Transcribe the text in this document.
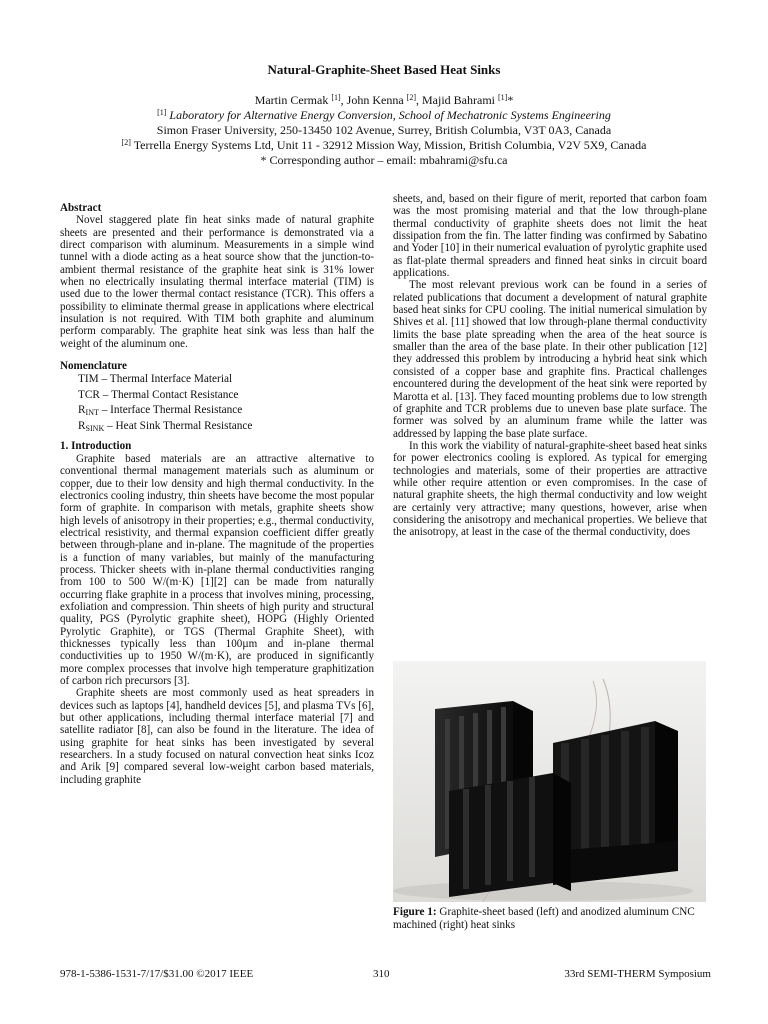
Natural-Graphite-Sheet Based Heat Sinks
Martin Cermak [1], John Kenna [2], Majid Bahrami [1]*
[1] Laboratory for Alternative Energy Conversion, School of Mechatronic Systems Engineering
Simon Fraser University, 250-13450 102 Avenue, Surrey, British Columbia, V3T 0A3, Canada
[2] Terrella Energy Systems Ltd, Unit 11 - 32912 Mission Way, Mission, British Columbia, V2V 5X9, Canada
* Corresponding author – email: mbahrami@sfu.ca

Abstract

Novel staggered plate fin heat sinks made of natural graphite sheets are presented and their performance is demonstrated via a direct comparison with aluminum. Measurements in a simple wind tunnel with a diode acting as a heat source show that the junction-to-ambient thermal resistance of the graphite heat sink is 31% lower when no electrically insulating thermal interface material (TIM) is used due to the lower thermal contact resistance (TCR). This offers a possibility to eliminate thermal grease in applications where electrical insulation is not required. With TIM both graphite and aluminum perform comparably. The graphite heat sink was less than half the weight of the aluminum one.

Nomenclature

TIM – Thermal Interface Material
TCR – Thermal Contact Resistance
$R_{INT}$ – Interface Thermal Resistance
$R_{SINK}$ – Heat Sink Thermal Resistance

1. Introduction

Graphite based materials are an attractive alternative to conventional thermal management materials such as aluminum or copper, due to their low density and high thermal conductivity. In the electronics cooling industry, thin sheets have become the most popular form of graphite. In comparison with metals, graphite sheets show high levels of anisotropy in their properties; e.g., thermal conductivity, electrical resistivity, and thermal expansion coefficient differ greatly between through-plane and in-plane. The magnitude of the properties is a function of many variables, but mainly of the manufacturing process. Thicker sheets with in-plane thermal conductivities ranging from 100 to 500 W/(m·K) [1][2] can be made from naturally occurring flake graphite in a process that involves mining, processing, exfoliation and compression. Thin sheets of high purity and structural quality, PGS (Pyrolytic graphite sheet), HOPG (Highly Oriented Pyrolytic Graphite), or TGS (Thermal Graphite Sheet), with thicknesses typically less than 100µm and in-plane thermal conductivities up to 1950 W/(m·K), are produced in significantly more complex processes that involve high temperature graphitization of carbon rich precursors [3].

Graphite sheets are most commonly used as heat spreaders in devices such as laptops [4], handheld devices [5], and plasma TVs [6], but other applications, including thermal interface material [7] and satellite radiator [8], can also be found in the literature. The idea of using graphite for heat sinks has been investigated by several researchers. In a study focused on natural convection heat sinks Icoz and Arik [9] compared several low-weight carbon based materials, including graphite

sheets, and, based on their figure of merit, reported that carbon foam was the most promising material and that the low through-plane thermal conductivity of graphite sheets does not limit the heat dissipation from the fin. The latter finding was confirmed by Sabatino and Yoder [10] in their numerical evaluation of pyrolytic graphite used as flat-plate thermal spreaders and finned heat sinks in circuit board applications.

The most relevant previous work can be found in a series of related publications that document a development of natural graphite based heat sinks for CPU cooling. The initial numerical simulation by Shives et al. [11] showed that low through-plane thermal conductivity limits the base plate spreading when the area of the heat source is smaller than the area of the base plate. In their other publication [12] they addressed this problem by introducing a hybrid heat sink which consisted of a copper base and graphite fins. Practical challenges encountered during the development of the heat sink were reported by Marotta et al. [13]. They faced mounting problems due to low strength of graphite and TCR problems due to uneven base plate surface. The former was solved by an aluminum frame while the latter was addressed by lapping the base plate surface.

In this work the viability of natural-graphite-sheet based heat sinks for power electronics cooling is explored. As typical for emerging technologies and materials, some of their properties are attractive while other require attention or even compromises. In the case of natural graphite sheets, the high thermal conductivity and low weight are certainly very attractive; many questions, however, arise when considering the anisotropy and mechanical properties. We believe that the anisotropy, at least in the case of the thermal conductivity, does

Figure 1: Graphite-sheet based (left) and anodized aluminum CNC machined (right) heat sinks
978-1-5386-1531-7/17/$31.00 ©2017 IEEE	310	33rd SEMI-THERM Symposium
